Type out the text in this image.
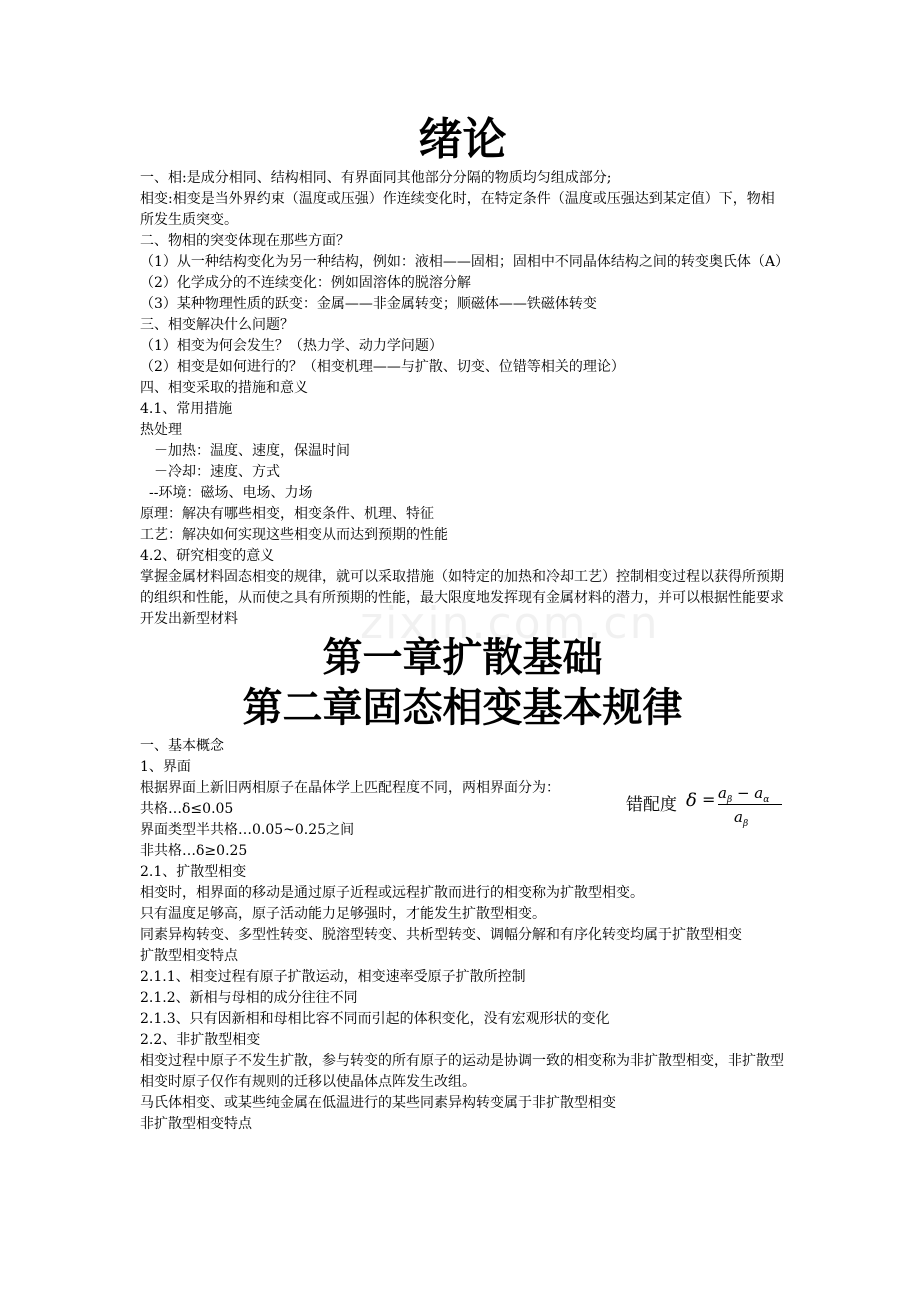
zixin.com.cn
绪论

一、相:是成分相同、结构相同、有界面同其他部分分隔的物质均匀组成部分;

相变:相变是当外界约束（温度或压强）作连续变化时，在特定条件（温度或压强达到某定值）下，物相所发生质突变。

二、物相的突变体现在那些方面？

（1）从一种结构变化为另一种结构，例如：液相——固相；固相中不同晶体结构之间的转变奥氏体（A）

（2）化学成分的不连续变化：例如固溶体的脱溶分解

（3）某种物理性质的跃变：金属——非金属转变；顺磁体——铁磁体转变

三、相变解决什么问题？

（1）相变为何会发生？（热力学、动力学问题）

（2）相变是如何进行的？（相变机理——与扩散、切变、位错等相关的理论）

四、相变采取的措施和意义

4.1、常用措施

热处理

－加热：温度、速度，保温时间

－冷却：速度、方式

--环境：磁场、电场、力场

原理：解决有哪些相变，相变条件、机理、特征

工艺：解决如何实现这些相变从而达到预期的性能

4.2、研究相变的意义

掌握金属材料固态相变的规律，就可以采取措施（如特定的加热和冷却工艺）控制相变过程以获得所预期的组织和性能，从而使之具有所预期的性能，最大限度地发挥现有金属材料的潜力，并可以根据性能要求开发出新型材料

第一章扩散基础
第二章固态相变基本规律

一、基本概念

1、界面

根据界面上新旧两相原子在晶体学上匹配程度不同，两相界面分为：

共格…δ≤0.05

界面类型半共格…0.05~0.25之间

非共格…δ≥0.25

2.1、扩散型相变

相变时，相界面的移动是通过原子近程或远程扩散而进行的相变称为扩散型相变。

只有温度足够高，原子活动能力足够强时，才能发生扩散型相变。

同素异构转变、多型性转变、脱溶型转变、共析型转变、调幅分解和有序化转变均属于扩散型相变

扩散型相变特点

2.1.1、相变过程有原子扩散运动，相变速率受原子扩散所控制

2.1.2、新相与母相的成分往往不同

2.1.3、只有因新相和母相比容不同而引起的体积变化，没有宏观形状的变化

2.2、非扩散型相变

相变过程中原子不发生扩散，参与转变的所有原子的运动是协调一致的相变称为非扩散型相变，非扩散型相变时原子仅作有规则的迁移以使晶体点阵发生改组。

马氏体相变、或某些纯金属在低温进行的某些同素异构转变属于非扩散型相变

非扩散型相变特点

错配度 $\delta = a_\beta - a_\alpha$
$a_\beta$
